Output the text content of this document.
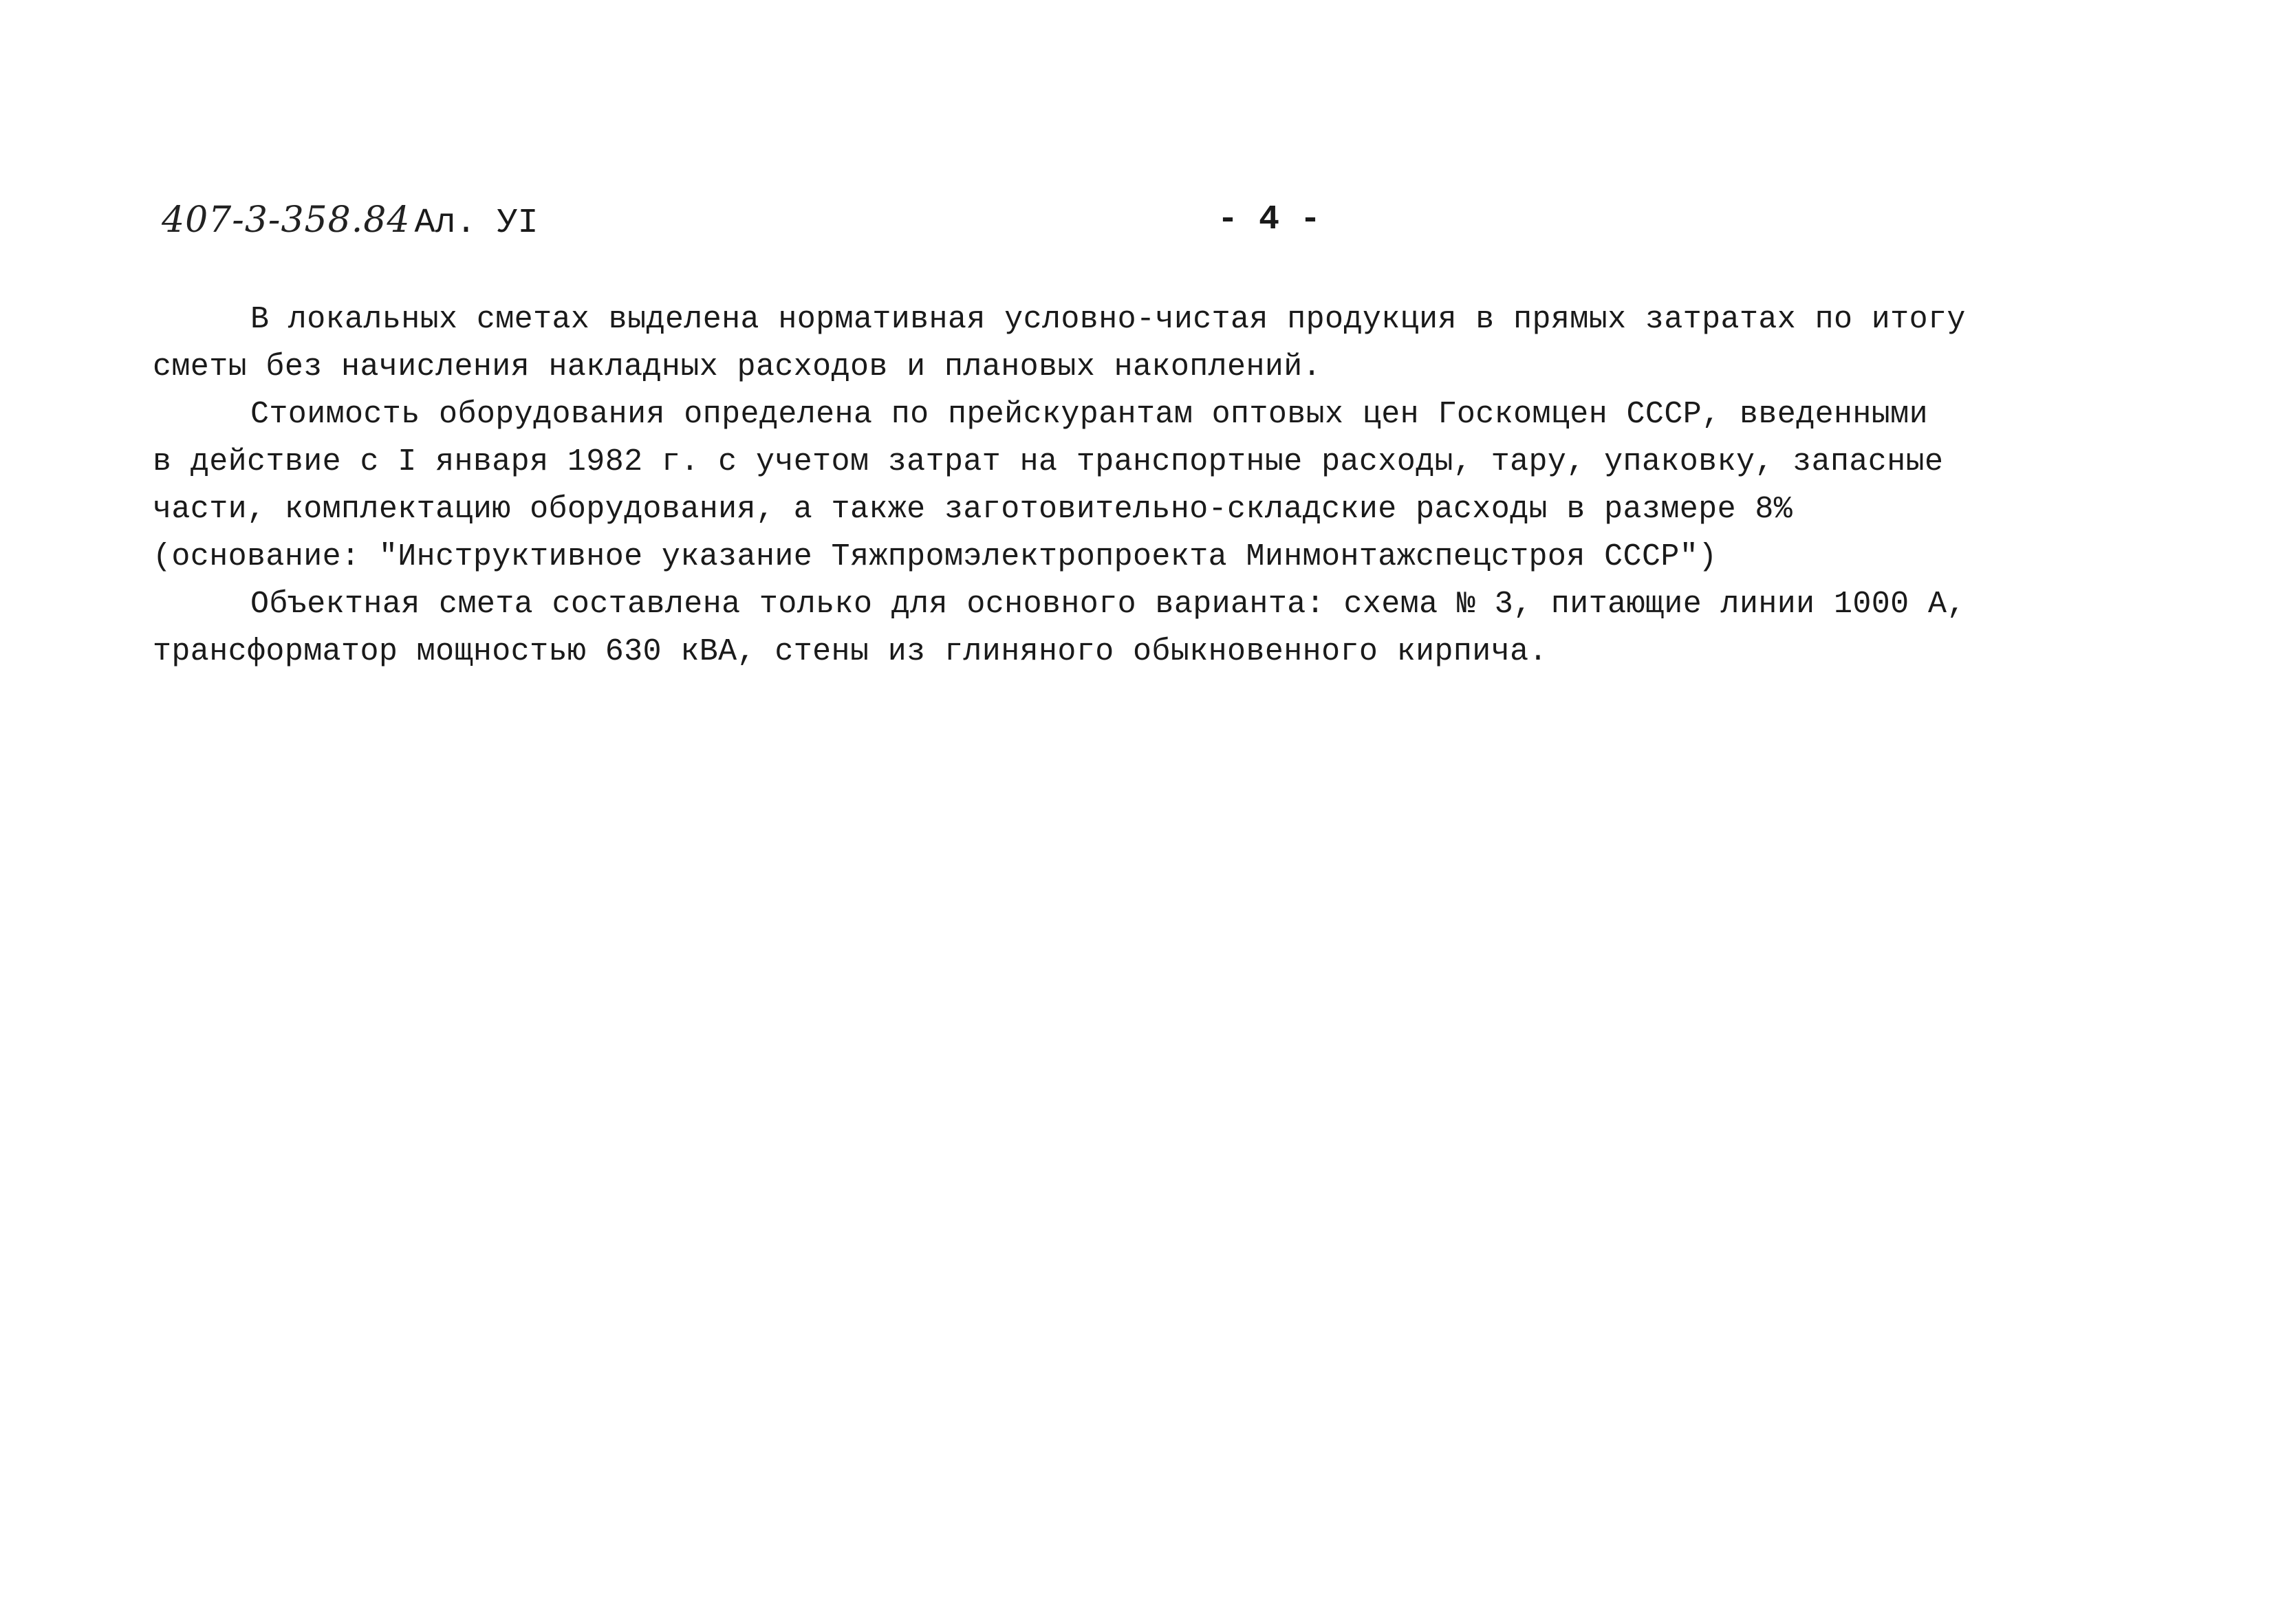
407-3-358.84 Ал. УI	- 4 -
В локальных сметах выделена нормативная условно-чистая продукция в прямых затратах по итогу
сметы без начисления накладных расходов и плановых накоплений.
Стоимость оборудования определена по прейскурантам оптовых цен Госкомцен СССР, введенными
в действие с I января 1982 г. с учетом затрат на транспортные расходы, тару, упаковку, запасные
части, комплектацию оборудования, а также заготовительно-складские расходы в размере 8%
(основание: "Инструктивное указание Тяжпромэлектропроекта Минмонтажспецстроя СССР")
Объектная смета составлена только для основного варианта: схема № 3, питающие линии 1000 А,
трансформатор мощностью 630 кВА, стены из глиняного обыкновенного кирпича.
